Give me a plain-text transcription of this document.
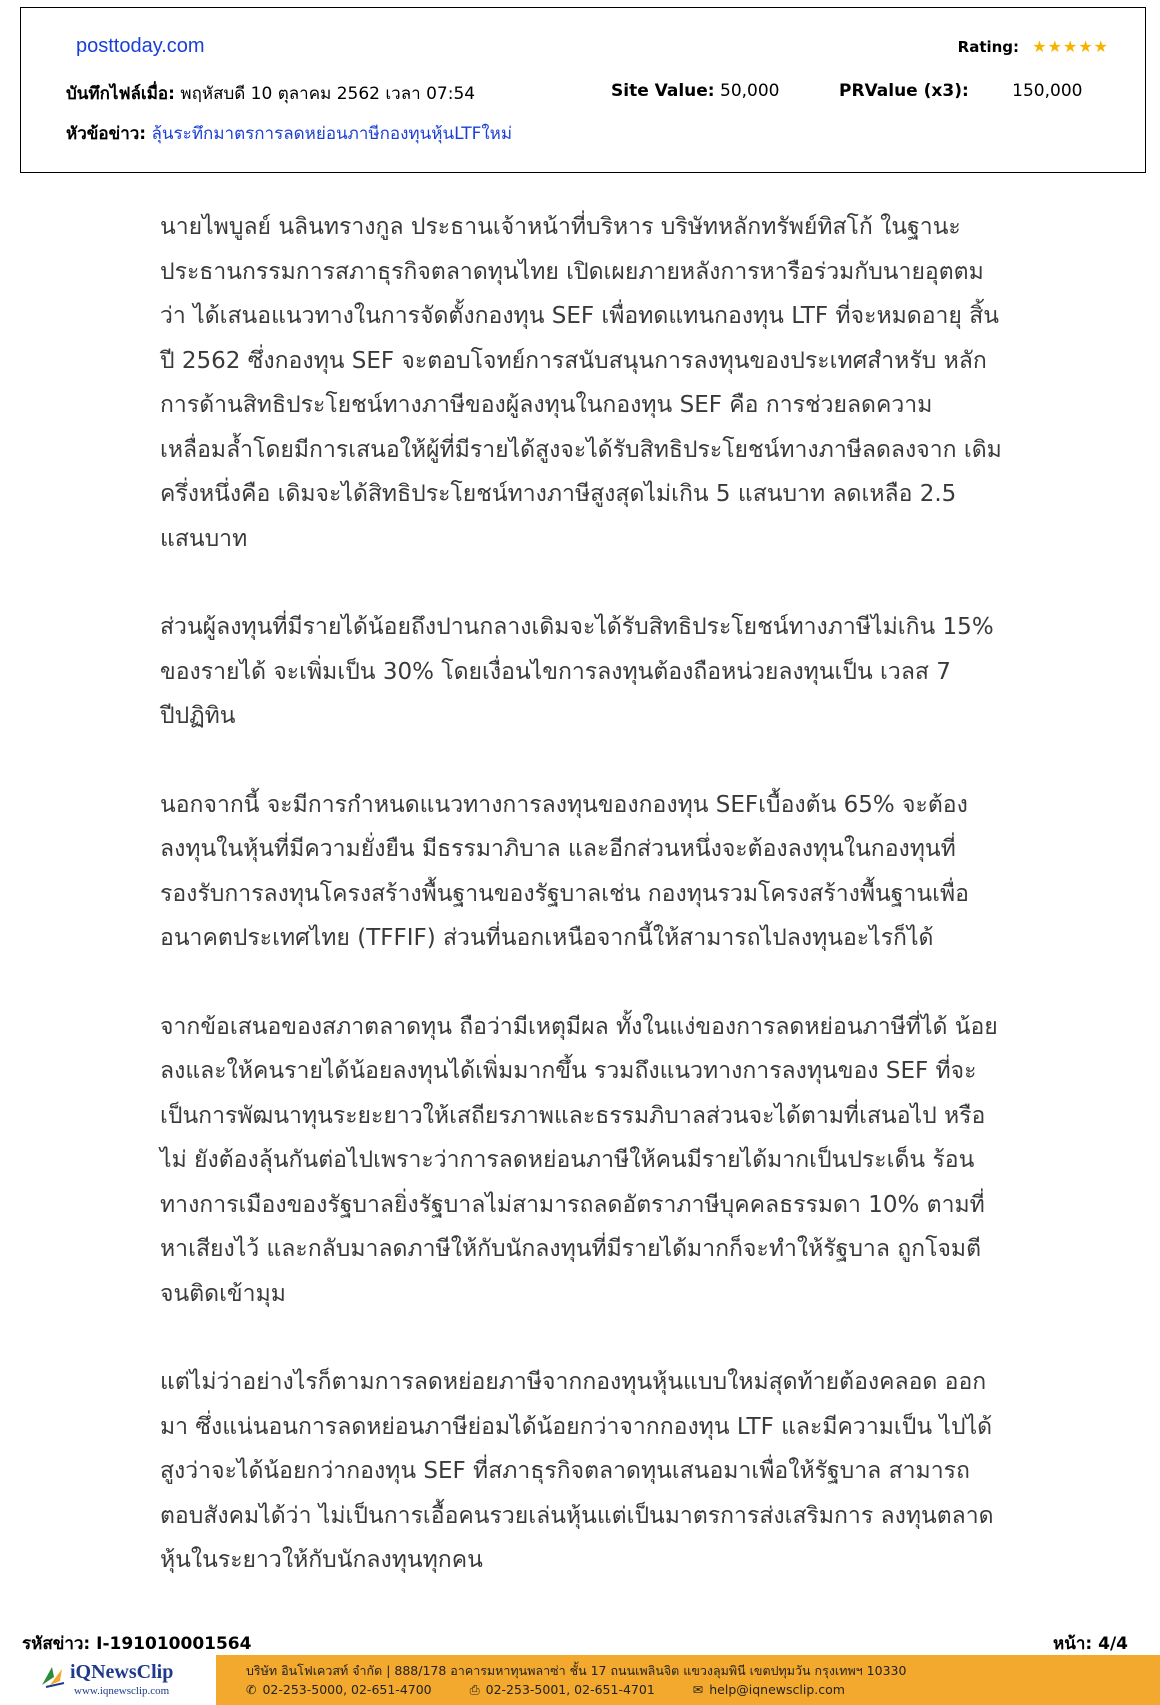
posttoday.com	Rating: ★★★★★
บันทึกไฟล์เมื่อ: พฤหัสบดี 10 ตุลาคม 2562 เวลา 07:54	Site Value: 50,000	PRValue (x3):	150,000
หัวข้อข่าว: ลุ้นระทึกมาตรการลดหย่อนภาษีกองทุนหุ้นLTFใหม่

นายไพบูลย์ นลินทรางกูล ประธานเจ้าหน้าที่บริหาร บริษัทหลักทรัพย์ทิสโก้ ในฐานะ ประธานกรรมการสภาธุรกิจตลาดทุนไทย เปิดเผยภายหลังการหารือร่วมกับนายอุตตม ว่า ได้เสนอแนวทางในการจัดตั้งกองทุน SEF เพื่อทดแทนกองทุน LTF ที่จะหมดอายุ สิ้นปี 2562 ซึ่งกองทุน SEF จะตอบโจทย์การสนับสนุนการลงทุนของประเทศสำหรับ หลักการด้านสิทธิประโยชน์ทางภาษีของผู้ลงทุนในกองทุน SEF คือ การช่วยลดความ เหลื่อมล้ำโดยมีการเสนอให้ผู้ที่มีรายได้สูงจะได้รับสิทธิประโยชน์ทางภาษีลดลงจาก เดิมครึ่งหนึ่งคือ เดิมจะได้สิทธิประโยชน์ทางภาษีสูงสุดไม่เกิน 5 แสนบาท ลดเหลือ 2.5 แสนบาท

ส่วนผู้ลงทุนที่มีรายได้น้อยถึงปานกลางเดิมจะได้รับสิทธิประโยชน์ทางภาษีไม่เกิน 15% ของรายได้ จะเพิ่มเป็น 30% โดยเงื่อนไขการลงทุนต้องถือหน่วยลงทุนเป็น เวลส 7 ปีปฏิทิน

นอกจากนี้ จะมีการกำหนดแนวทางการลงทุนของกองทุน SEFเบื้องต้น 65% จะต้อง ลงทุนในหุ้นที่มีความยั่งยืน มีธรรมาภิบาล และอีกส่วนหนึ่งจะต้องลงทุนในกองทุนที่ รองรับการลงทุนโครงสร้างพื้นฐานของรัฐบาลเช่น กองทุนรวมโครงสร้างพื้นฐานเพื่อ อนาคตประเทศไทย (TFFIF) ส่วนที่นอกเหนือจากนี้ให้สามารถไปลงทุนอะไรก็ได้

จากข้อเสนอของสภาตลาดทุน ถือว่ามีเหตุมีผล ทั้งในแง่ของการลดหย่อนภาษีที่ได้ น้อยลงและให้คนรายได้น้อยลงทุนได้เพิ่มมากขึ้น รวมถึงแนวทางการลงทุนของ SEF ที่จะเป็นการพัฒนาทุนระยะยาวให้เสถียรภาพและธรรมภิบาลส่วนจะได้ตามที่เสนอไป หรือไม่ ยังต้องลุ้นกันต่อไปเพราะว่าการลดหย่อนภาษีให้คนมีรายได้มากเป็นประเด็น ร้อนทางการเมืองของรัฐบาลยิ่งรัฐบาลไม่สามารถลดอัตราภาษีบุคคลธรรมดา 10% ตามที่หาเสียงไว้ และกลับมาลดภาษีให้กับนักลงทุนที่มีรายได้มากก็จะทำให้รัฐบาล ถูกโจมตีจนติดเข้ามุม

แต่ไม่ว่าอย่างไรก็ตามการลดหย่อยภาษีจากกองทุนหุ้นแบบใหม่สุดท้ายต้องคลอด ออกมา ซึ่งแน่นอนการลดหย่อนภาษีย่อมได้น้อยกว่าจากกองทุน LTF และมีความเป็น ไปได้สูงว่าจะได้น้อยกว่ากองทุน SEF ที่สภาธุรกิจตลาดทุนเสนอมาเพื่อให้รัฐบาล สามารถตอบสังคมได้ว่า ไม่เป็นการเอื้อคนรวยเล่นหุ้นแต่เป็นมาตรการส่งเสริมการ ลงทุนตลาดหุ้นในระยาวให้กับนักลงทุนทุกคน

รหัสข่าว: I-191010001564	หน้า: 4/4
iQNewsClip
www.iqnewsclip.com
บริษัท อินโฟเควสท์ จำกัด | 888/178 อาคารมหาทุนพลาซ่า ชั้น 17 ถนนเพลินจิต แขวงลุมพินี เขตปทุมวัน กรุงเทพฯ 10330
✆ 02-253-5000, 02-651-4700	⎙ 02-253-5001, 02-651-4701	✉ help@iqnewsclip.com
